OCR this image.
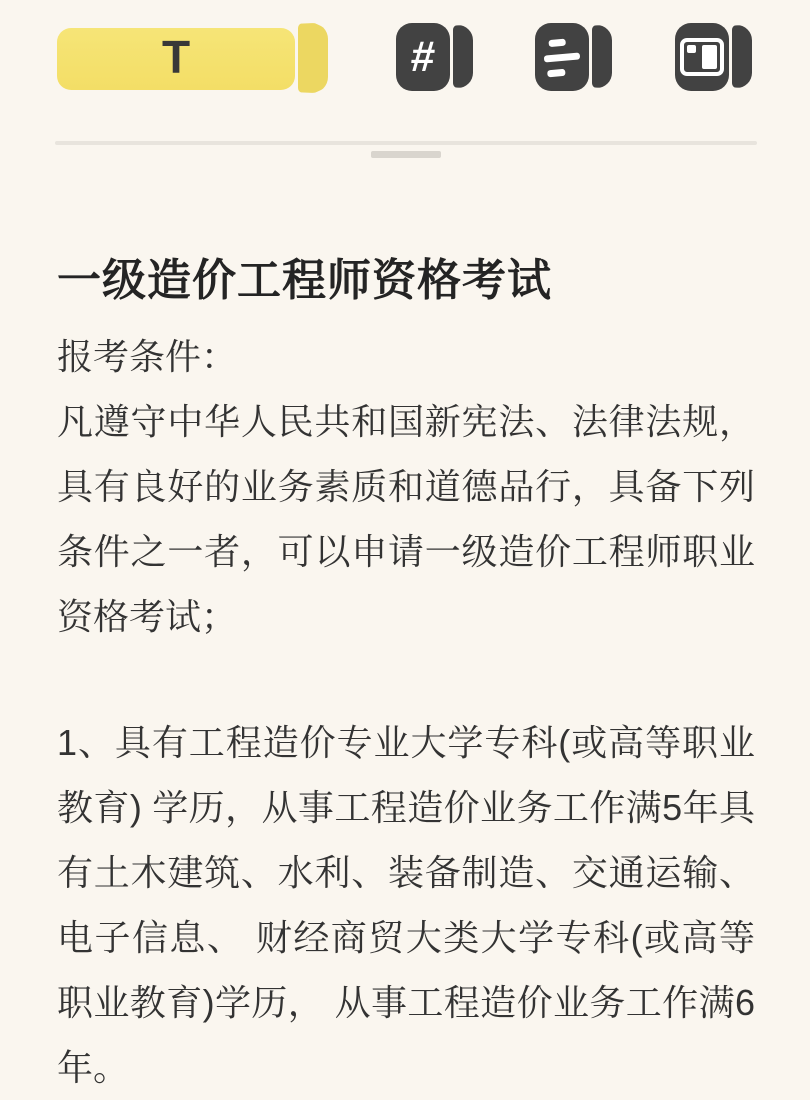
T	#
一级造价工程师资格考试
报考条件：
凡遵守中华人民共和国新宪法、法律法规，
具有良好的业务素质和道德品行，具备下列
条件之一者，可以申请一级造价工程师职业
资格考试；
1、具有工程造价专业大学专科(或高等职业
教育) 学历，从事工程造价业务工作满5年具
有土木建筑、水利、装备制造、交通运输、
电子信息、 财经商贸大类大学专科(或高等
职业教育)学历， 从事工程造价业务工作满6
年。
